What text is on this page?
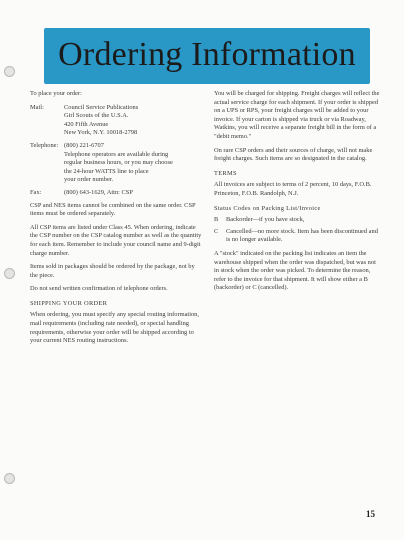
Ordering Information
To place your order:
Mail:	Council Service Publications
Girl Scouts of the U.S.A.
420 Fifth Avenue
New York, N.Y. 10018-2798
Telephone: (800) 221-6707
Telephone operators are available during
regular business hours, or you may choose
the 24-hour WATTS line to place
your order number.
Fax:	(800) 643-1629, Attn: CSP
CSP and NES items cannot be combined on the same order. CSP items must be ordered separately.
All CSP items are listed under Class 45. When ordering, indicate the CSP number on the CSP catalog number as well as the quantity for each item. Remember to include your council name and 9-digit charge number.
Items sold in packages should be ordered by the package, not by the piece.
Do not send written confirmation of telephone orders.
SHIPPING YOUR ORDER
When ordering, you must specify any special routing information, mail requirements (including rate needed), or special handling requirements, otherwise your order will be shipped according to your current NES routing instructions.
You will be charged for shipping. Freight charges will reflect the actual service charge for each shipment. If your order is shipped on a UPS or RPS, your freight charges will be added to your invoice. If your carton is shipped via truck or via Roadway, Watkins, you will receive a separate freight bill in the form of a "debit memo."
On rare CSP orders and their sources of charge, will not make freight charges. Such items are so designated in the catalog.
TERMS
All invoices are subject to terms of 2 percent, 10 days, F.O.B. Princeton, F.O.B. Randolph, N.J.
Status Codes on Packing List/Invoice
B	Backorder—if you have stock,
C	Cancelled—no more stock. Item has been discontinued and is no longer available.
A "stock" indicated on the packing list indicates an item the warehouse shipped when the order was dispatched, but was not in stock when the order was picked. To determine the reason, refer to the invoice for that shipment. It will show either a B (backorder) or C (cancelled).
15
